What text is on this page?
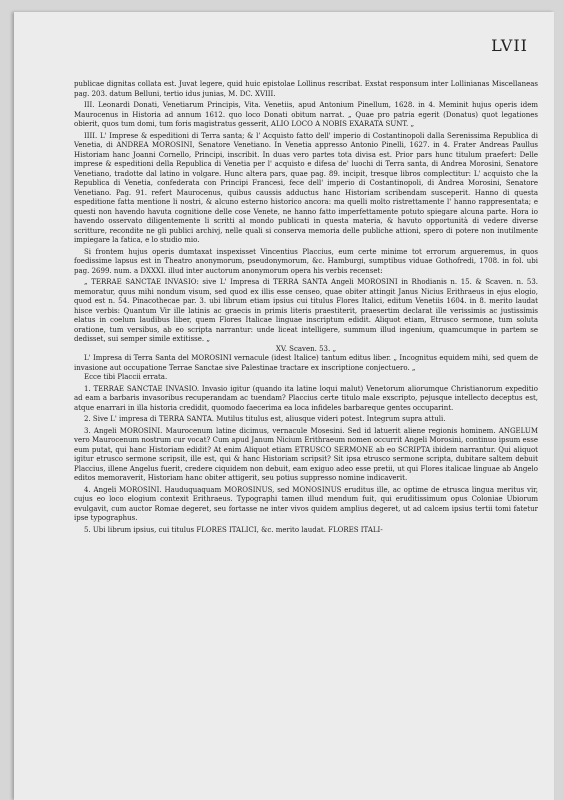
LVII

publicae dignitas collata est. Juvat legere, quid huic epistolae Lollinus rescribat. Exstat responsum inter Lollinianas Miscellaneas pag. 203. datum Belluni, tertio idus junias, M. DC. XVIII.

III. Leonardi Donati, Venetiarum Principis, Vita. Venetiis, apud Antonium Pinellum, 1628. in 4. Meminit hujus operis idem Maurocenus in Historia ad annum 1612. quo loco Donati obitum narrat. „ Quae pro patria egerit (Donatus) quot legationes obierit, quos tum domi, tum foris magistratus gesserit, ALIO LOCO A NOBIS EXARATA SUNT. „

IIII. L' Imprese & espeditioni di Terra santa; & l' Acquisto fatto dell' imperio di Costantinopoli dalla Serenissima Republica di Venetia, di ANDREA MOROSINI, Senatore Venetiano. In Venetia appresso Antonio Pinelli, 1627. in 4. Frater Andreas Paullus Historiam hanc Joanni Cornello, Principi, inscribit. In duas vero partes tota divisa est. Prior pars hunc titulum praefert: Delle imprese & espeditioni della Republica di Venetia per l' acquisto e difesa de' luochi di Terra santa, di Andrea Morosini, Senatore Venetiano, tradotte dal latino in volgare. Hunc altera pars, quae pag. 89. incipit, tresque libros complectitur: L' acquisto che la Republica di Venetia, confederata con Principi Francesi, fece dell' imperio di Costantinopoli, di Andrea Morosini, Senatore Venetiano. Pag. 91. refert Maurocenus, quibus caussis adductus hanc Historiam scribendam susceperit. Hanno di questa espeditione fatta mentione li nostri, & alcuno esterno historico ancora: ma quelli molto ristrettamente l' hanno rappresentata; e questi non havendo havuta cognitione delle cose Venete, ne hanno fatto imperfettamente potuto spiegare alcuna parte. Hora io havendo osservato diligentemente li scritti al mondo publicati in questa materia, & havuto opportunità di vedere diverse scritture, recondite ne gli publici archivj, nelle quali si conserva memoria delle publiche attioni, spero di potere non inutilmente impiegare la fatica, e lo studio mio.

Si frontem hujus operis dumtaxat inspexisset Vincentius Placcius, eum certe minime tot errorum argueremus, in quos foedissime lapsus est in Theatro anonymorum, pseudonymorum, &c. Hamburgi, sumptibus viduae Gothofredi, 1708. in fol. ubi pag. 2699. num. a DXXXI. illud inter auctorum anonymorum opera his verbis recenset:

„ TERRAE SANCTAE INVASIO: sive L' Impresa di TERRA SANTA Angeli MOROSINI in Rhodianis n. 15. & Scaven. n. 53. memoratur, quus mihi nondum visum, sed quod ex illis esse censeo, quae obiter attingit Janus Nicius Erithraeus in ejus elogio, quod est n. 54. Pinacothecae par. 3. ubi librum etiam ipsius cui titulus Flores Italici, editum Venetiis 1604. in 8. merito laudat hisce verbis: Quantum Vir ille latinis ac graecis in primis literis praestiterit, praesertim declarat ille verissimis ac justissimis elatus in coelum laudibus liber, quem Flores Italicae linguae inscriptum edidit. Aliquot etiam, Etrusco sermone, tum soluta oratione, tum versibus, ab eo scripta narrantur: unde liceat intelligere, summum illud ingenium, quamcumque in partem se dedisset, sui semper simile extitisse. „

XV. Scaven. 53. „

L' Impresa di Terra Santa del MOROSINI vernacule (idest Italice) tantum editus liber. „ Incognitus equidem mihi, sed quem de invasione aut occupatione Terrae Sanctae sive Palestinae tractare ex inscriptione conjectuero. „

Ecce tibi Placcii errata.

1. TERRAE SANCTAE INVASIO. Invasio igitur (quando ita latine loqui malut) Venetorum aliorumque Christianorum expeditio ad eam a barbaris invasoribus recuperandam ac tuendam? Placcius certe titulo male exscripto, pejusque intellecto deceptus est, atque enarrari in illa historia credidit, quomodo faecerima ea loca infideles barbareque gentes occuparint.

2. Sive L' impresa di TERRA SANTA. Mutilus titulus est, aliusque videri potest. Integrum supra attuli.

3. Angeli MOROSINI. Maurocenum latine dicimus, vernacule Mosesini. Sed id latuerit aliene regionis hominem. ANGELUM vero Maurocenum nostrum cur vocat? Cum apud Janum Nicium Erithraeum nomen occurrit Angeli Morosini, continuo ipsum esse eum putat, qui hanc Historiam edidit? At enim Aliquot etiam ETRUSCO SERMONE ab eo SCRIPTA ibidem narrantur. Qui aliquot igitur etrusco sermone scripsit, ille est, qui & hanc Historiam scripsit? Sit ipsa etrusco sermone scripta, dubitare saltem debuit Placcius, illene Angelus fuerit, credere ciquidem non debuit, eam exiguo adeo esse pretii, ut qui Flores italicae linguae ab Angelo editos memoraverit, Historiam hanc obiter attigerit, seu potius suppresso nomine indicaverit.

4. Angeli MOROSINI. Hauduquaquam MOROSINUS, sed MONOSINUS eruditus ille, ac optime de etrusca lingua meritus vir, cujus eo loco elogium contexit Erithraeus. Typographi tamen illud mendum fuit, qui eruditissimum opus Coloniae Ubiorum evulgavit, cum auctor Romae degeret, seu fortasse ne inter vivos quidem amplius degeret, ut ad calcem ipsius tertii tomi fatetur ipse typographus.

5. Ubi librum ipsius, cui titulus FLORES ITALICI, &c. merito laudat. FLORES ITALI-
